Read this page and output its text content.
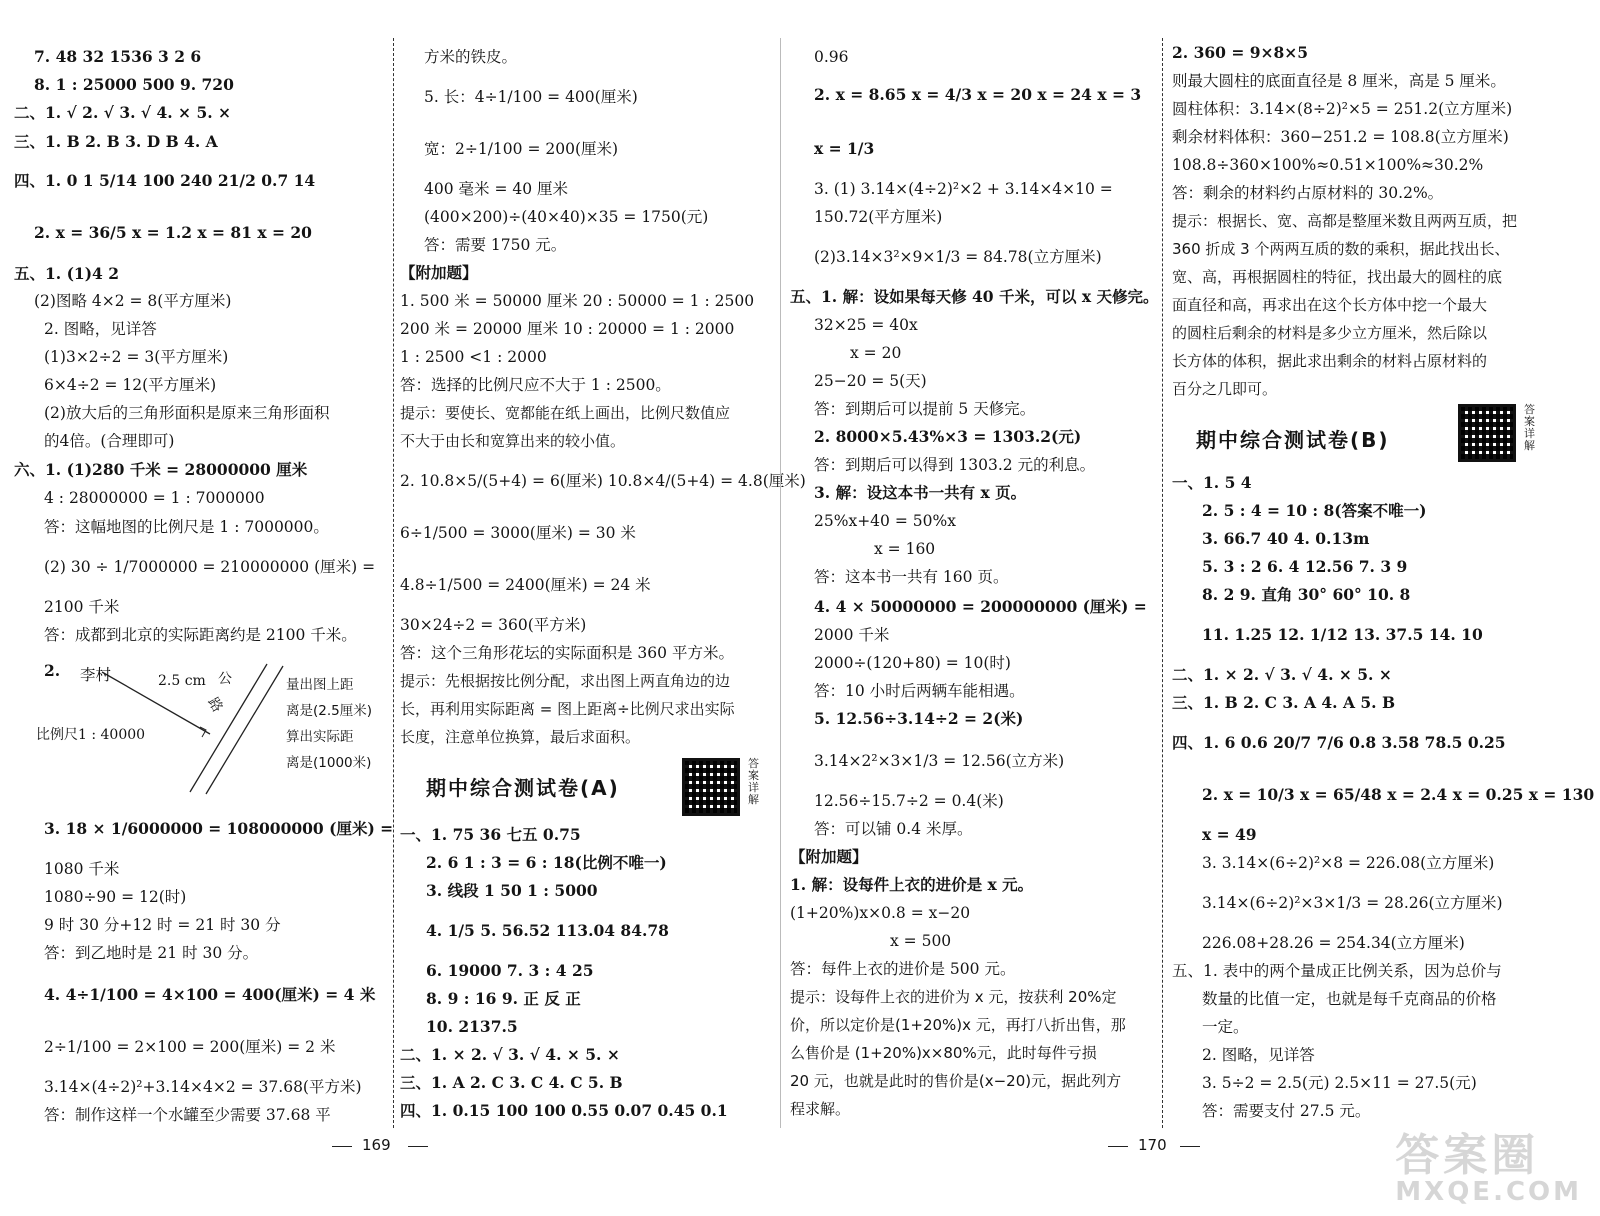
7. 48 32 1536 3 2 6
8. 1 : 25000 500 9. 720
二、1. √ 2. √ 3. √ 4. × 5. ×
三、1. B 2. B 3. D B 4. A
四、1. 0 1 5/14 100 240 21/2 0.7 14
2. x = 36/5 x = 1.2 x = 81 x = 20
五、1. (1)4 2
(2)图略 4×2 = 8(平方厘米)
2. 图略，见详答
(1)3×2÷2 = 3(平方厘米)
6×4÷2 = 12(平方厘米)
(2)放大后的三角形面积是原来三角形面积
的4倍。(合理即可)
六、1. (1)280 千米 = 28000000 厘米
4 : 28000000 = 1 : 7000000
答：这幅地图的比例尺是 1 : 7000000。
(2) 30 ÷ 1/7000000 = 210000000 (厘米) =
2100 千米
答：成都到北京的实际距离约是 2100 千米。
2. 李村	2.5 cm 公
路
比例尺1 : 40000
量出图上距
离是(2.5厘米)
算出实际距
离是(1000米)
3. 18 × 1/6000000 = 108000000 (厘米) =
1080 千米
1080÷90 = 12(时)
9 时 30 分+12 时 = 21 时 30 分
答：到乙地时是 21 时 30 分。
4. 4÷1/100 = 4×100 = 400(厘米) = 4 米
2÷1/100 = 2×100 = 200(厘米) = 2 米
3.14×(4÷2)²+3.14×4×2 = 37.68(平方米)
答：制作这样一个水罐至少需要 37.68 平
方米的铁皮。
5. 长：4÷1/100 = 400(厘米)
宽：2÷1/100 = 200(厘米)
400 毫米 = 40 厘米
(400×200)÷(40×40)×35 = 1750(元)
答：需要 1750 元。
【附加题】
1. 500 米 = 50000 厘米 20 : 50000 = 1 : 2500
200 米 = 20000 厘米 10 : 20000 = 1 : 2000
1 : 2500 <1 : 2000
答：选择的比例尺应不大于 1 : 2500。
提示：要使长、宽都能在纸上画出，比例尺数值应
不大于由长和宽算出来的较小值。
2. 10.8×5/(5+4) = 6(厘米) 10.8×4/(5+4) = 4.8(厘米)
6÷1/500 = 3000(厘米) = 30 米
4.8÷1/500 = 2400(厘米) = 24 米
30×24÷2 = 360(平方米)
答：这个三角形花坛的实际面积是 360 平方米。
提示：先根据按比例分配，求出图上两直角边的边
长，再利用实际距离 = 图上距离÷比例尺求出实际
长度，注意单位换算，最后求面积。
期中综合测试卷(A)
答案详解
一、1. 75 36 七五 0.75
2. 6 1 : 3 = 6 : 18(比例不唯一)
3. 线段 1 50 1 : 5000
4. 1/5 5. 56.52 113.04 84.78
6. 19000 7. 3 : 4 25
8. 9 : 16 9. 正 反 正
10. 2137.5
二、1. × 2. √ 3. √ 4. × 5. ×
三、1. A 2. C 3. C 4. C 5. B
四、1. 0.15 100 100 0.55 0.07 0.45 0.1
169
0.96
2. x = 8.65 x = 4/3 x = 20 x = 24 x = 3
x = 1/3
3. (1) 3.14×(4÷2)²×2 + 3.14×4×10 =
150.72(平方厘米)
(2)3.14×3²×9×1/3 = 84.78(立方厘米)
五、1. 解：设如果每天修 40 千米，可以 x 天修完。
32×25 = 40x
x = 20
25−20 = 5(天)
答：到期后可以提前 5 天修完。
2. 8000×5.43%×3 = 1303.2(元)
答：到期后可以得到 1303.2 元的利息。
3. 解：设这本书一共有 x 页。
25%x+40 = 50%x
x = 160
答：这本书一共有 160 页。
4. 4 × 50000000 = 200000000 (厘米) =
2000 千米
2000÷(120+80) = 10(时)
答：10 小时后两辆车能相遇。
5. 12.56÷3.14÷2 = 2(米)
3.14×2²×3×1/3 = 12.56(立方米)
12.56÷15.7÷2 = 0.4(米)
答：可以铺 0.4 米厚。
【附加题】
1. 解：设每件上衣的进价是 x 元。
(1+20%)x×0.8 = x−20
x = 500
答：每件上衣的进价是 500 元。
提示：设每件上衣的进价为 x 元，按获利 20%定
价，所以定价是(1+20%)x 元，再打八折出售，那
么售价是 (1+20%)x×80%元，此时每件亏损
20 元，也就是此时的售价是(x−20)元，据此列方
程求解。
2. 360 = 9×8×5
则最大圆柱的底面直径是 8 厘米，高是 5 厘米。
圆柱体积：3.14×(8÷2)²×5 = 251.2(立方厘米)
剩余材料体积：360−251.2 = 108.8(立方厘米)
108.8÷360×100%≈0.51×100%≈30.2%
答：剩余的材料约占原材料的 30.2%。
提示：根据长、宽、高都是整厘米数且两两互质，把
360 折成 3 个两两互质的数的乘积，据此找出长、
宽、高，再根据圆柱的特征，找出最大的圆柱的底
面直径和高，再求出在这个长方体中挖一个最大
的圆柱后剩余的材料是多少立方厘米，然后除以
长方体的体积，据此求出剩余的材料占原材料的
百分之几即可。
期中综合测试卷(B)
答案详解
一、1. 5 4
2. 5 : 4 = 10 : 8(答案不唯一)
3. 66.7 40 4. 0.13m
5. 3 : 2 6. 4 12.56 7. 3 9
8. 2 9. 直角 30° 60° 10. 8
11. 1.25 12. 1/12 13. 37.5 14. 10
二、1. × 2. √ 3. √ 4. × 5. ×
三、1. B 2. C 3. A 4. A 5. B
四、1. 6 0.6 20/7 7/6 0.8 3.58 78.5 0.25
2. x = 10/3 x = 65/48 x = 2.4 x = 0.25 x = 130
x = 49
3. 3.14×(6÷2)²×8 = 226.08(立方厘米)
3.14×(6÷2)²×3×1/3 = 28.26(立方厘米)
226.08+28.26 = 254.34(立方厘米)
五、1. 表中的两个量成正比例关系，因为总价与
数量的比值一定，也就是每千克商品的价格
一定。
2. 图略，见详答
3. 5÷2 = 2.5(元) 2.5×11 = 27.5(元)
答：需要支付 27.5 元。
170	答案圈
MXQE.COM
